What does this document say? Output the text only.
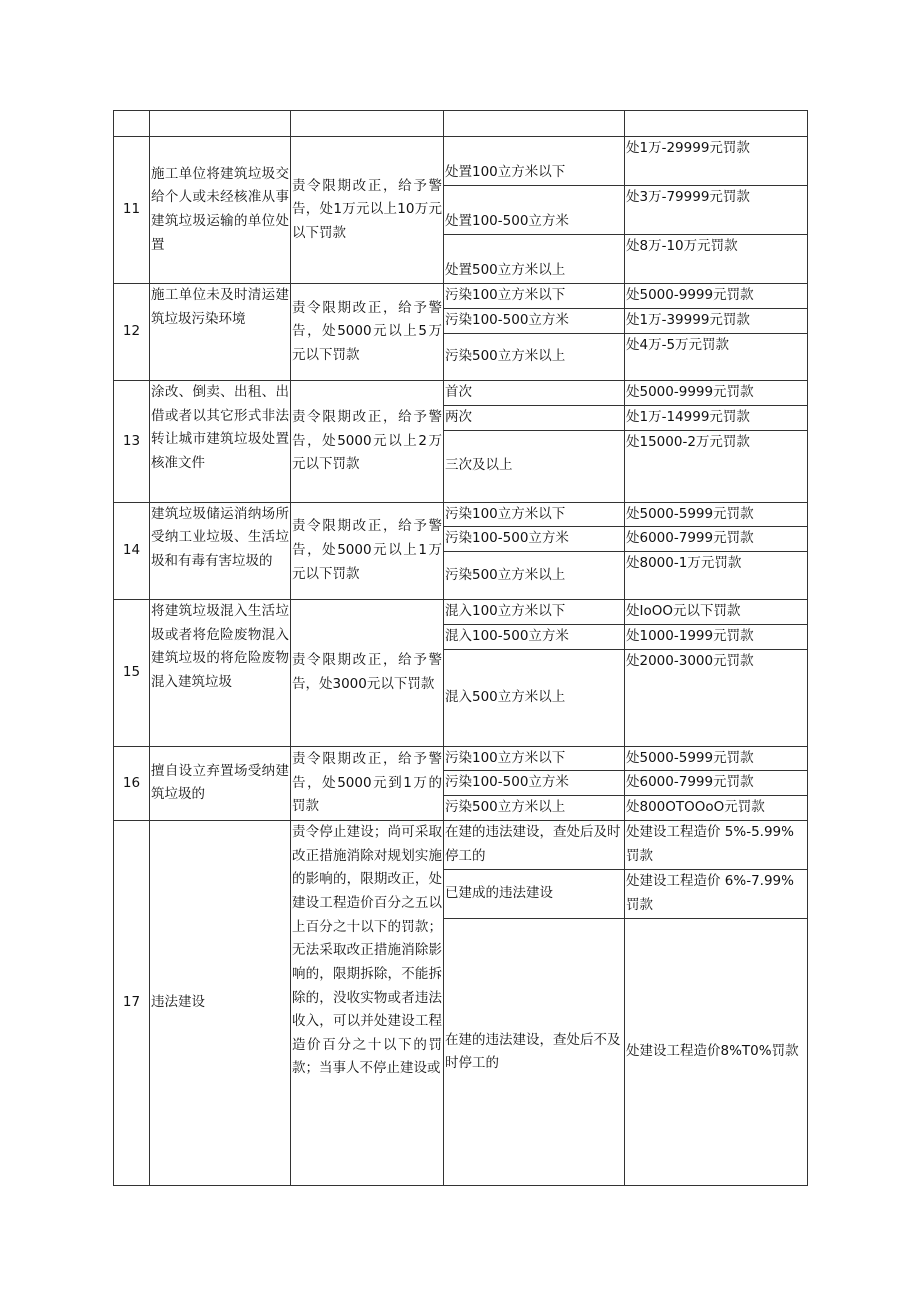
11	施工单位将建筑垃圾交给个人或未经核准从事建筑垃圾运输的单位处置	责令限期改正，给予警告，处1万元以上10万元以下罚款	处置100立方米以下	处1万-29999元罚款
			处置100-500立方米	处3万-79999元罚款
			处置500立方米以上	处8万-10万元罚款
12	施工单位未及时清运建筑垃圾污染环境	责令限期改正，给予警告，处5000元以上5万元以下罚款	污染100立方米以下	处5000-9999元罚款
			污染100-500立方米	处1万-39999元罚款
			污染500立方米以上	处4万-5万元罚款
13	涂改、倒卖、出租、出借或者以其它形式非法转让城市建筑垃圾处置核准文件	责令限期改正，给予警告，处5000元以上2万元以下罚款	首次	处5000-9999元罚款
			两次	处1万-14999元罚款
			三次及以上	处15000-2万元罚款
14	建筑垃圾储运消纳场所受纳工业垃圾、生活垃圾和有毒有害垃圾的	责令限期改正，给予警告，处5000元以上1万元以下罚款	污染100立方米以下	处5000-5999元罚款
			污染100-500立方米	处6000-7999元罚款
			污染500立方米以上	处8000-1万元罚款
15	将建筑垃圾混入生活垃圾或者将危险废物混入建筑垃圾的将危险废物混入建筑垃圾	责令限期改正，给予警告，处3000元以下罚款	混入100立方米以下	处IoOO元以下罚款
			混入100-500立方米	处1000-1999元罚款
			混入500立方米以上	处2000-3000元罚款
16	擅自设立弃置场受纳建筑垃圾的	责令限期改正，给予警告，处5000元到1万的罚款	污染100立方米以下	处5000-5999元罚款
			污染100-500立方米	处6000-7999元罚款
			污染500立方米以上	处800OTOOoO元罚款
17	违法建设	责令停止建设；尚可采取改正措施消除对规划实施的影响的，限期改正，处建设工程造价百分之五以上百分之十以下的罚款；无法采取改正措施消除影响的，限期拆除，不能拆除的，没收实物或者违法收入，可以并处建设工程造价百分之十以下的罚款；当事人不停止建设或	在建的违法建设，查处后及时停工的	处建设工程造价 5%-5.99%罚款
			已建成的违法建设	处建设工程造价 6%-7.99%罚款
			在建的违法建设，查处后不及时停工的	处建设工程造价8%T0%罚款
